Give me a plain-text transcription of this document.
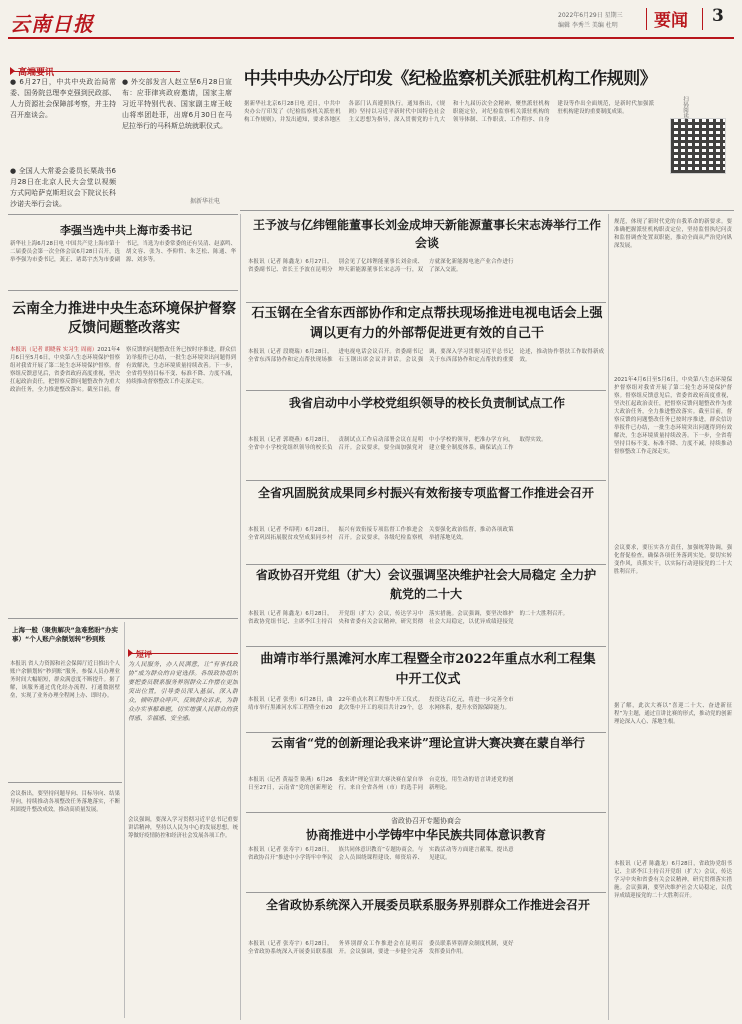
云南日报	2022年6月29日 星期三
编辑 李秀兰 美编 杜明 要闻 3
高端要讯
● 6月27日，中共中央政治局常委、国务院总理李克强到民政部、人力资源社会保障部考察，并主持召开座谈会。
● 全国人大常委会委员长栗战书6月28日在北京人民大会堂以视频方式同哈萨克斯坦议会下院议长科沙诺夫举行会谈。
● 外交部发言人赵立坚6月28日宣布：应菲律宾政府邀请，国家主席习近平特别代表、国家副主席王岐山将率团赴菲，出席6月30日在马尼拉举行的马科斯总统就职仪式。
据新华社电
中共中央办公厅印发《纪检监察机关派驻机构工作规则》
据新华社北京6月28日电 近日，中共中央办公厅印发了《纪检监察机关派驻机构工作规则》，并发出通知，要求各地区各部门认真遵照执行。通知指出，《规则》坚持以习近平新时代中国特色社会主义思想为指导，深入贯彻党的十九大和十九届历次全会精神，聚焦派驻机构职能定位，对纪检监察机关派驻机构的领导体制、工作职责、工作程序、自身建设等作出全面规范，是新时代加强派驻机构建设的重要制度成果。	扫码阅读全文
李强当选中共上海市委书记
新华社上海6月28日电 中国共产党上海市第十二届委员会第一次全体会议6月28日召开，选举李强为市委书记，龚正、诸葛宇杰为市委副书记，当选为市委常委的还有吴清、赵嘉鸣、胡文容、张为、李仰哲、朱芝松、陈通、华源、刘多等。
云南全力推进中央生态环境保护督察反馈问题整改落实
本报讯（记者 胡晓蓉 实习生 周雨）2021年4月6日至5月6日，中央第八生态环境保护督察组对我省开展了第二轮生态环境保护督察。督察组反馈意见后，省委省政府高度重视，坚决扛起政治责任，把督察反馈问题整改作为重大政治任务，全力推进整改落实。截至目前，督察反馈的问题整改任务已按时序推进，群众信访举报件已办结，一批生态环境突出问题得到有效解决，生态环境质量持续改善。下一步，全省将坚持目标不变、标准不降、力度不减，持续推动督察整改工作走深走实。
上海一般（聚焦解决“急难愁盼”办实事）“个人账户余额划转”秒到账
本报讯 省人力资源和社会保障厅近日推出个人账户余额划转“秒到账”服务，参保人员办理业务时间大幅缩短，群众满意度不断提升。据了解，该服务通过优化经办流程、打通数据壁垒，实现了业务办理全程网上办、即时办。
会议指出，要坚持问题导向、目标导向、结果导向，持续推动各项整改任务落地落实，不断巩固提升整改成效，推动高质量发展。
短评
为人民服务，办人民满意，让“有事找政协”成为群众的自觉选择。各级政协组织要把委员联系服务界别群众工作摆在更加突出位置，引导委员深入基层、深入群众，倾听群众呼声、反映群众诉求，为群众办实事解难题，切实增强人民群众的获得感、幸福感、安全感。
会议强调，要深入学习贯彻习近平总书记重要讲话精神，坚持以人民为中心的发展思想，统筹做好疫情防控和经济社会发展各项工作。
王予波与亿纬锂能董事长刘金成坤天新能源董事长宋志涛举行工作会谈
本报讯（记者 陈鑫龙）6月27日，省委副书记、省长王予波在昆明分别会见了亿纬锂能董事长刘金成、坤天新能源董事长宋志涛一行，双方就深化新能源电池产业合作进行了深入交流。
石玉钢在全省东西部协作和定点帮扶现场推进电视电话会上强调以更有力的外部帮促进更有效的自己干
本报讯（记者 段晓瑞）6月28日，全省东西部协作和定点帮扶现场推进电视电话会议召开。省委副书记石玉钢出席会议并讲话。会议强调，要深入学习贯彻习近平总书记关于东西部协作和定点帮扶的重要论述，推动协作帮扶工作取得新成效。
我省启动中小学校党组织领导的校长负责制试点工作
本报讯（记者 郭晓燕）6月28日，全省中小学校党组织领导的校长负责制试点工作启动部署会议在昆明召开。会议要求，要全面加强党对中小学校的领导，把准办学方向，建立健全制度体系，确保试点工作取得实效。
全省巩固脱贫成果同乡村振兴有效衔接专项监督工作推进会召开
本报讯（记者 李绍明）6月28日，全省巩固拓展脱贫攻坚成果同乡村振兴有效衔接专项监督工作推进会召开。会议要求，各级纪检监察机关要强化政治监督，推动各项政策举措落地见效。
省政协召开党组（扩大）会议强调坚决维护社会大局稳定 全力护航党的二十大
本报讯（记者 陈鑫龙）6月28日，省政协党组书记、主席李江主持召开党组（扩大）会议，传达学习中央和省委有关会议精神，研究贯彻落实措施。会议强调，要坚决维护社会大局稳定，以优异成绩迎接党的二十大胜利召开。
曲靖市举行黑滩河水库工程暨全市2022年重点水利工程集中开工仪式
本报讯（记者 张勇）6月28日，曲靖市举行黑滩河水库工程暨全市2022年重点水利工程集中开工仪式。此次集中开工的项目共计29个，总投资达百亿元，将进一步完善全市水网体系，提升水资源保障能力。
云南省“党的创新理论我来讲”理论宣讲大赛决赛在蒙自举行
本报讯（记者 黄福莹 陈燕）6月26日至27日，云南省“党的创新理论我来讲”理论宣讲大赛决赛在蒙自举行。来自全省各州（市）的选手同台竞技，用生动的语言讲述党的创新理论。
省政协召开专题协商会
协商推进中小学铸牢中华民族共同体意识教育
本报讯（记者 张寿宇）6月28日，省政协召开“推进中小学铸牢中华民族共同体意识教育”专题协商会。与会人员围绕课程建设、师资培养、实践活动等方面建言献策，提出意见建议。
全省政协系统深入开展委员联系服务界别群众工作推进会召开
本报讯（记者 张寿宇）6月28日，全省政协系统深入开展委员联系服务界别群众工作推进会在昆明召开。会议强调，要进一步健全完善委员联系界别群众制度机制，更好发挥委员作用。
规范，体现了新时代党的自我革命的新要求。要准确把握派驻机构职责定位，坚持监督执纪问责和监督调查处置双职能，推动全面从严治党向纵深发展。
2021年4月6日至5月6日，中央第八生态环境保护督察组对我省开展了第二轮生态环境保护督察。督察组反馈意见后，省委省政府高度重视，坚决扛起政治责任，把督察反馈问题整改作为重大政治任务，全力推进整改落实。截至目前，督察反馈的问题整改任务已按时序推进，群众信访举报件已办结，一批生态环境突出问题得到有效解决，生态环境质量持续改善。下一步，全省将坚持目标不变、标准不降、力度不减，持续推动督察整改工作走深走实。
会议要求，要压实各方责任，加强统筹协调，强化督促检查，确保各项任务落到实处。要切实转变作风，真抓实干，以实际行动迎接党的二十大胜利召开。
据了解，此次大赛以“喜迎二十大、奋进新征程”为主题，通过宣讲比赛的形式，推动党的创新理论深入人心、落地生根。
本报讯（记者 陈鑫龙）6月28日，省政协党组书记、主席李江主持召开党组（扩大）会议，传达学习中央和省委有关会议精神，研究贯彻落实措施。会议强调，要坚决维护社会大局稳定，以优异成绩迎接党的二十大胜利召开。
